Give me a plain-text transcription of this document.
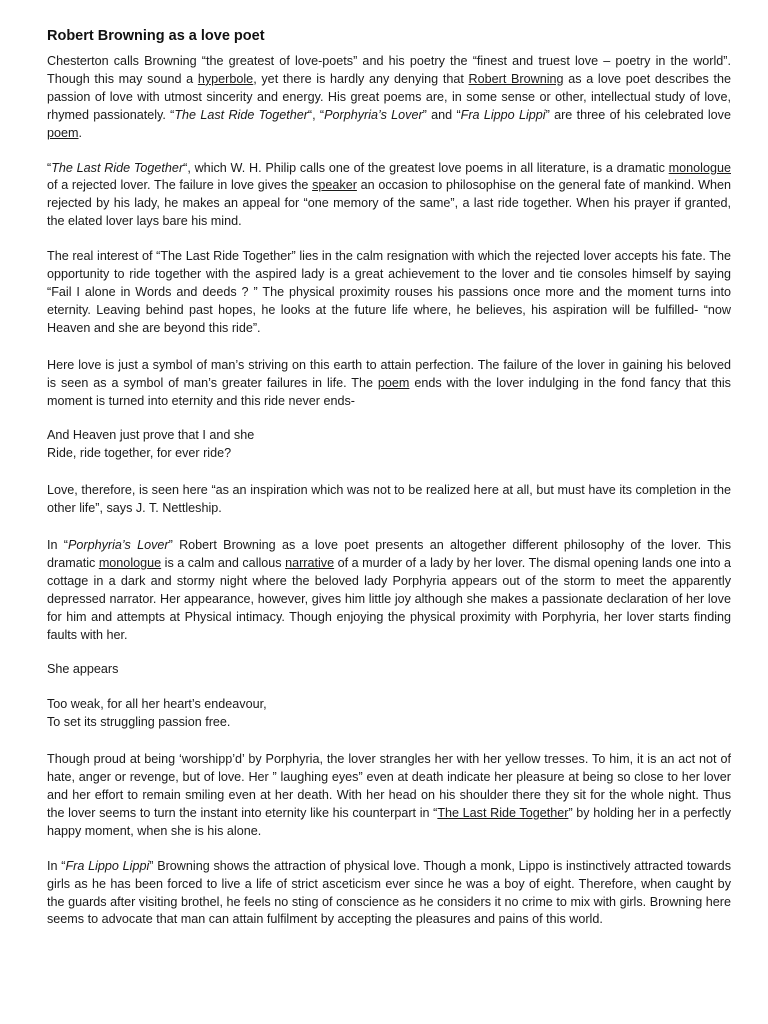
Robert Browning as a love poet

Chesterton calls Browning “the greatest of love-poets” and his poetry the “finest and truest love – poetry in the world”. Though this may sound a hyperbole, yet there is hardly any denying that Robert Browning as a love poet describes the passion of love with utmost sincerity and energy. His great poems are, in some sense or other, intellectual study of love, rhymed passionately. “The Last Ride Together“, “Porphyria’s Lover” and “Fra Lippo Lippi” are three of his celebrated love poem.

“The Last Ride Together“, which W. H. Philip calls one of the greatest love poems in all literature, is a dramatic monologue of a rejected lover. The failure in love gives the speaker an occasion to philosophise on the general fate of mankind. When rejected by his lady, he makes an appeal for “one memory of the same”, a last ride together. When his prayer if granted, the elated lover lays bare his mind.

The real interest of “The Last Ride Together” lies in the calm resignation with which the rejected lover accepts his fate. The opportunity to ride together with the aspired lady is a great achievement to the lover and tie consoles himself by saying “Fail I alone in Words and deeds ? ” The physical proximity rouses his passions once more and the moment turns into eternity. Leaving behind past hopes, he looks at the future life where, he believes, his aspiration will be fulfilled- “now Heaven and she are beyond this ride”.

Here love is just a symbol of man’s striving on this earth to attain perfection. The failure of the lover in gaining his beloved is seen as a symbol of man’s greater failures in life. The poem ends with the lover indulging in the fond fancy that this moment is turned into eternity and this ride never ends-

And Heaven just prove that I and she
Ride, ride together, for ever ride?

Love, therefore, is seen here “as an inspiration which was not to be realized here at all, but must have its completion in the other life”, says J. T. Nettleship.

In “Porphyria’s Lover” Robert Browning as a love poet presents an altogether different philosophy of the lover. This dramatic monologue is a calm and callous narrative of a murder of a lady by her lover. The dismal opening lands one into a cottage in a dark and stormy night where the beloved lady Porphyria appears out of the storm to meet the apparently depressed narrator. Her appearance, however, gives him little joy although she makes a passionate declaration of her love for him and attempts at Physical intimacy. Though enjoying the physical proximity with Porphyria, her lover starts finding faults with her.

She appears

Too weak, for all her heart’s endeavour,
To set its struggling passion free.

Though proud at being ‘worshipp’d’ by Porphyria, the lover strangles her with her yellow tresses. To him, it is an act not of hate, anger or revenge, but of love. Her ” laughing eyes” even at death indicate her pleasure at being so close to her lover and her effort to remain smiling even at her death. With her head on his shoulder there they sit for the whole night. Thus the lover seems to turn the instant into eternity like his counterpart in “The Last Ride Together” by holding her in a perfectly happy moment, when she is his alone.

In “Fra Lippo Lippi” Browning shows the attraction of physical love. Though a monk, Lippo is instinctively attracted towards girls as he has been forced to live a life of strict asceticism ever since he was a boy of eight. Therefore, when caught by the guards after visiting brothel, he feels no sting of conscience as he considers it no crime to mix with girls. Browning here seems to advocate that man can attain fulfilment by accepting the pleasures and pains of this world.
